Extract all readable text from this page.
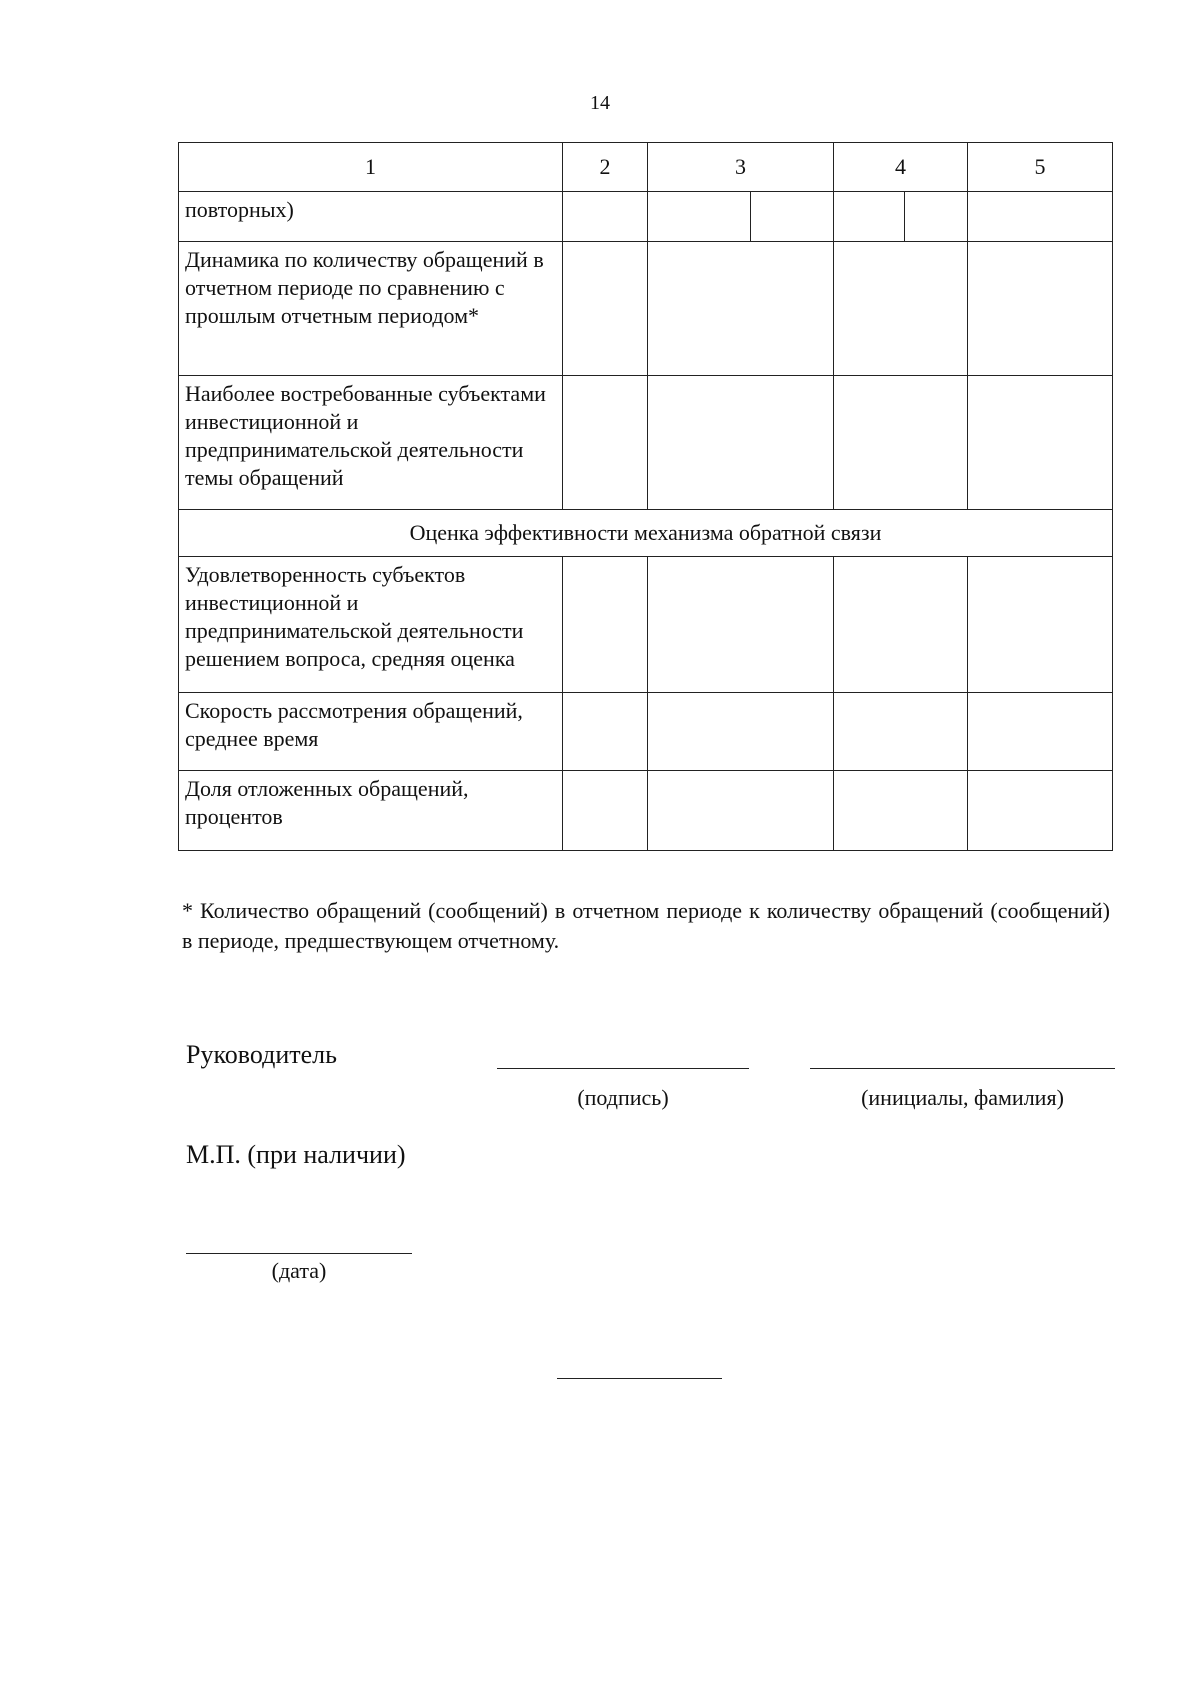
14
1	2	3	4	5
повторных)		

Динамика по количеству обращений в отчетном периоде по сравнению с прошлым отчетным периодом*				
Наиболее востребованные субъектами инвестиционной и предпринимательской деятельности темы обращений				
Оценка эффективности механизма обратной связи				
Удовлетворенность субъектов инвестиционной и предпринимательской деятельности решением вопроса, средняя оценка				
Скорость рассмотрения обращений, среднее время				
Доля отложенных обращений, процентов				
* Количество обращений (сообщений) в отчетном периоде к количеству обращений (сообщений) в периоде, предшествующем отчетному.
Руководитель
(подпись)	(инициалы, фамилия)
М.П. (при наличии)
(дата)
